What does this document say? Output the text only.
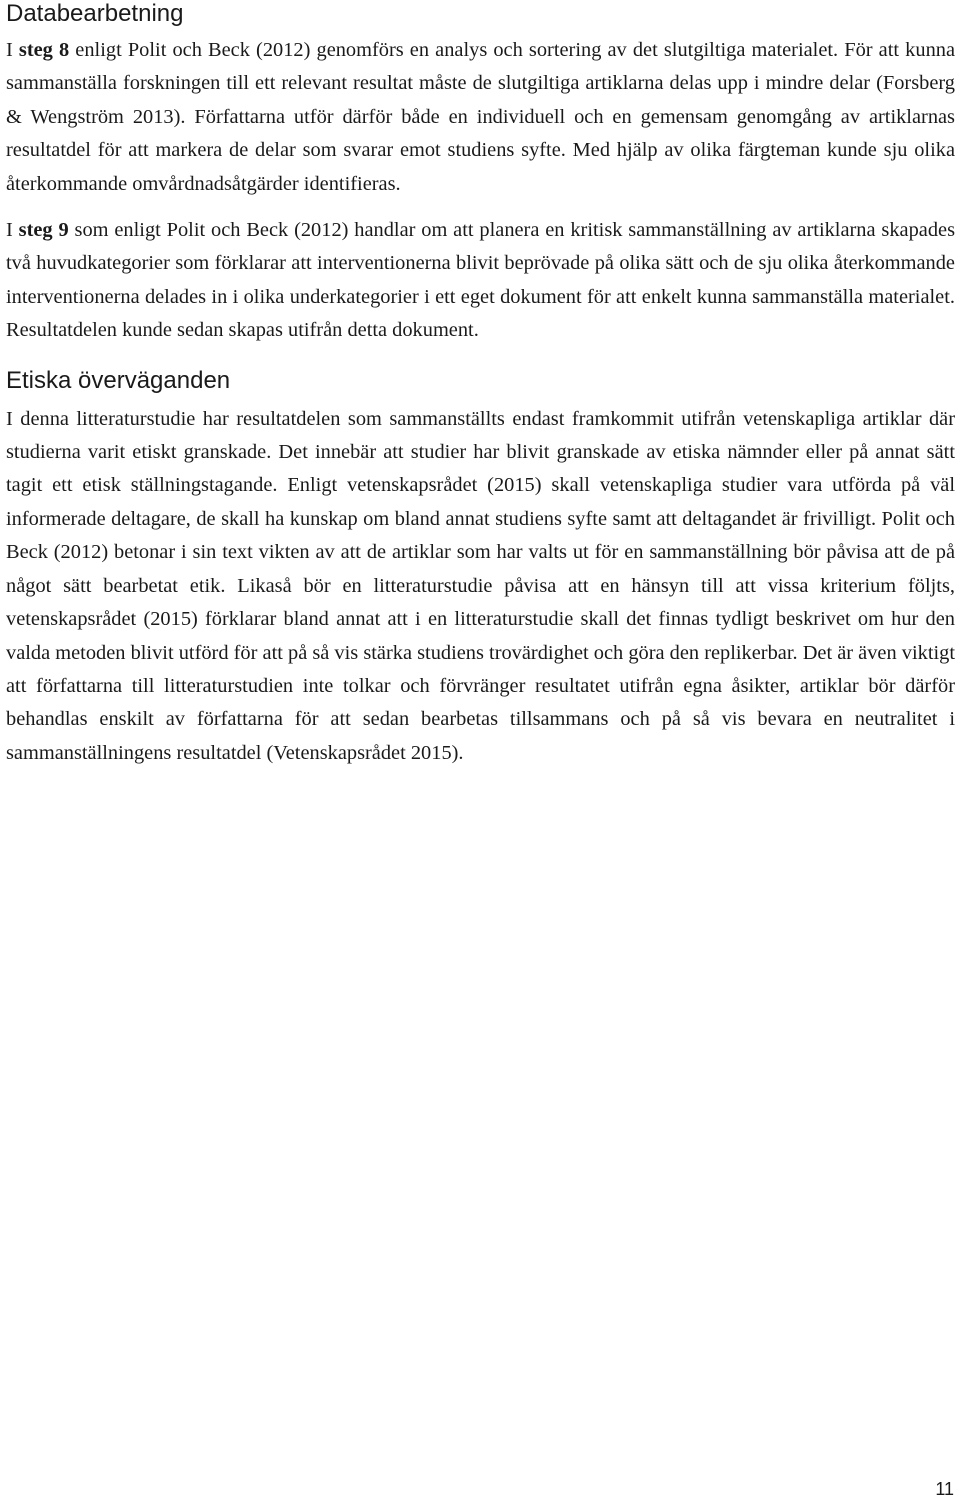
Databearbetning

I steg 8 enligt Polit och Beck (2012) genomförs en analys och sortering av det slutgiltiga materialet. För att kunna sammanställa forskningen till ett relevant resultat måste de slutgiltiga artiklarna delas upp i mindre delar (Forsberg & Wengström 2013). Författarna utför därför både en individuell och en gemensam genomgång av artiklarnas resultatdel för att markera de delar som svarar emot studiens syfte. Med hjälp av olika färgteman kunde sju olika återkommande omvårdnadsåtgärder identifieras.

I steg 9 som enligt Polit och Beck (2012) handlar om att planera en kritisk sammanställning av artiklarna skapades två huvudkategorier som förklarar att interventionerna blivit beprövade på olika sätt och de sju olika återkommande interventionerna delades in i olika underkategorier i ett eget dokument för att enkelt kunna sammanställa materialet. Resultatdelen kunde sedan skapas utifrån detta dokument.

Etiska överväganden

I denna litteraturstudie har resultatdelen som sammanställts endast framkommit utifrån vetenskapliga artiklar där studierna varit etiskt granskade. Det innebär att studier har blivit granskade av etiska nämnder eller på annat sätt tagit ett etisk ställningstagande. Enligt vetenskapsrådet (2015) skall vetenskapliga studier vara utförda på väl informerade deltagare, de skall ha kunskap om bland annat studiens syfte samt att deltagandet är frivilligt. Polit och Beck (2012) betonar i sin text vikten av att de artiklar som har valts ut för en sammanställning bör påvisa att de på något sätt bearbetat etik. Likaså bör en litteraturstudie påvisa att en hänsyn till att vissa kriterium följts, vetenskapsrådet (2015) förklarar bland annat att i en litteraturstudie skall det finnas tydligt beskrivet om hur den valda metoden blivit utförd för att på så vis stärka studiens trovärdighet och göra den replikerbar. Det är även viktigt att författarna till litteraturstudien inte tolkar och förvränger resultatet utifrån egna åsikter, artiklar bör därför behandlas enskilt av författarna för att sedan bearbetas tillsammans och på så vis bevara en neutralitet i sammanställningens resultatdel (Vetenskapsrådet 2015).

11
